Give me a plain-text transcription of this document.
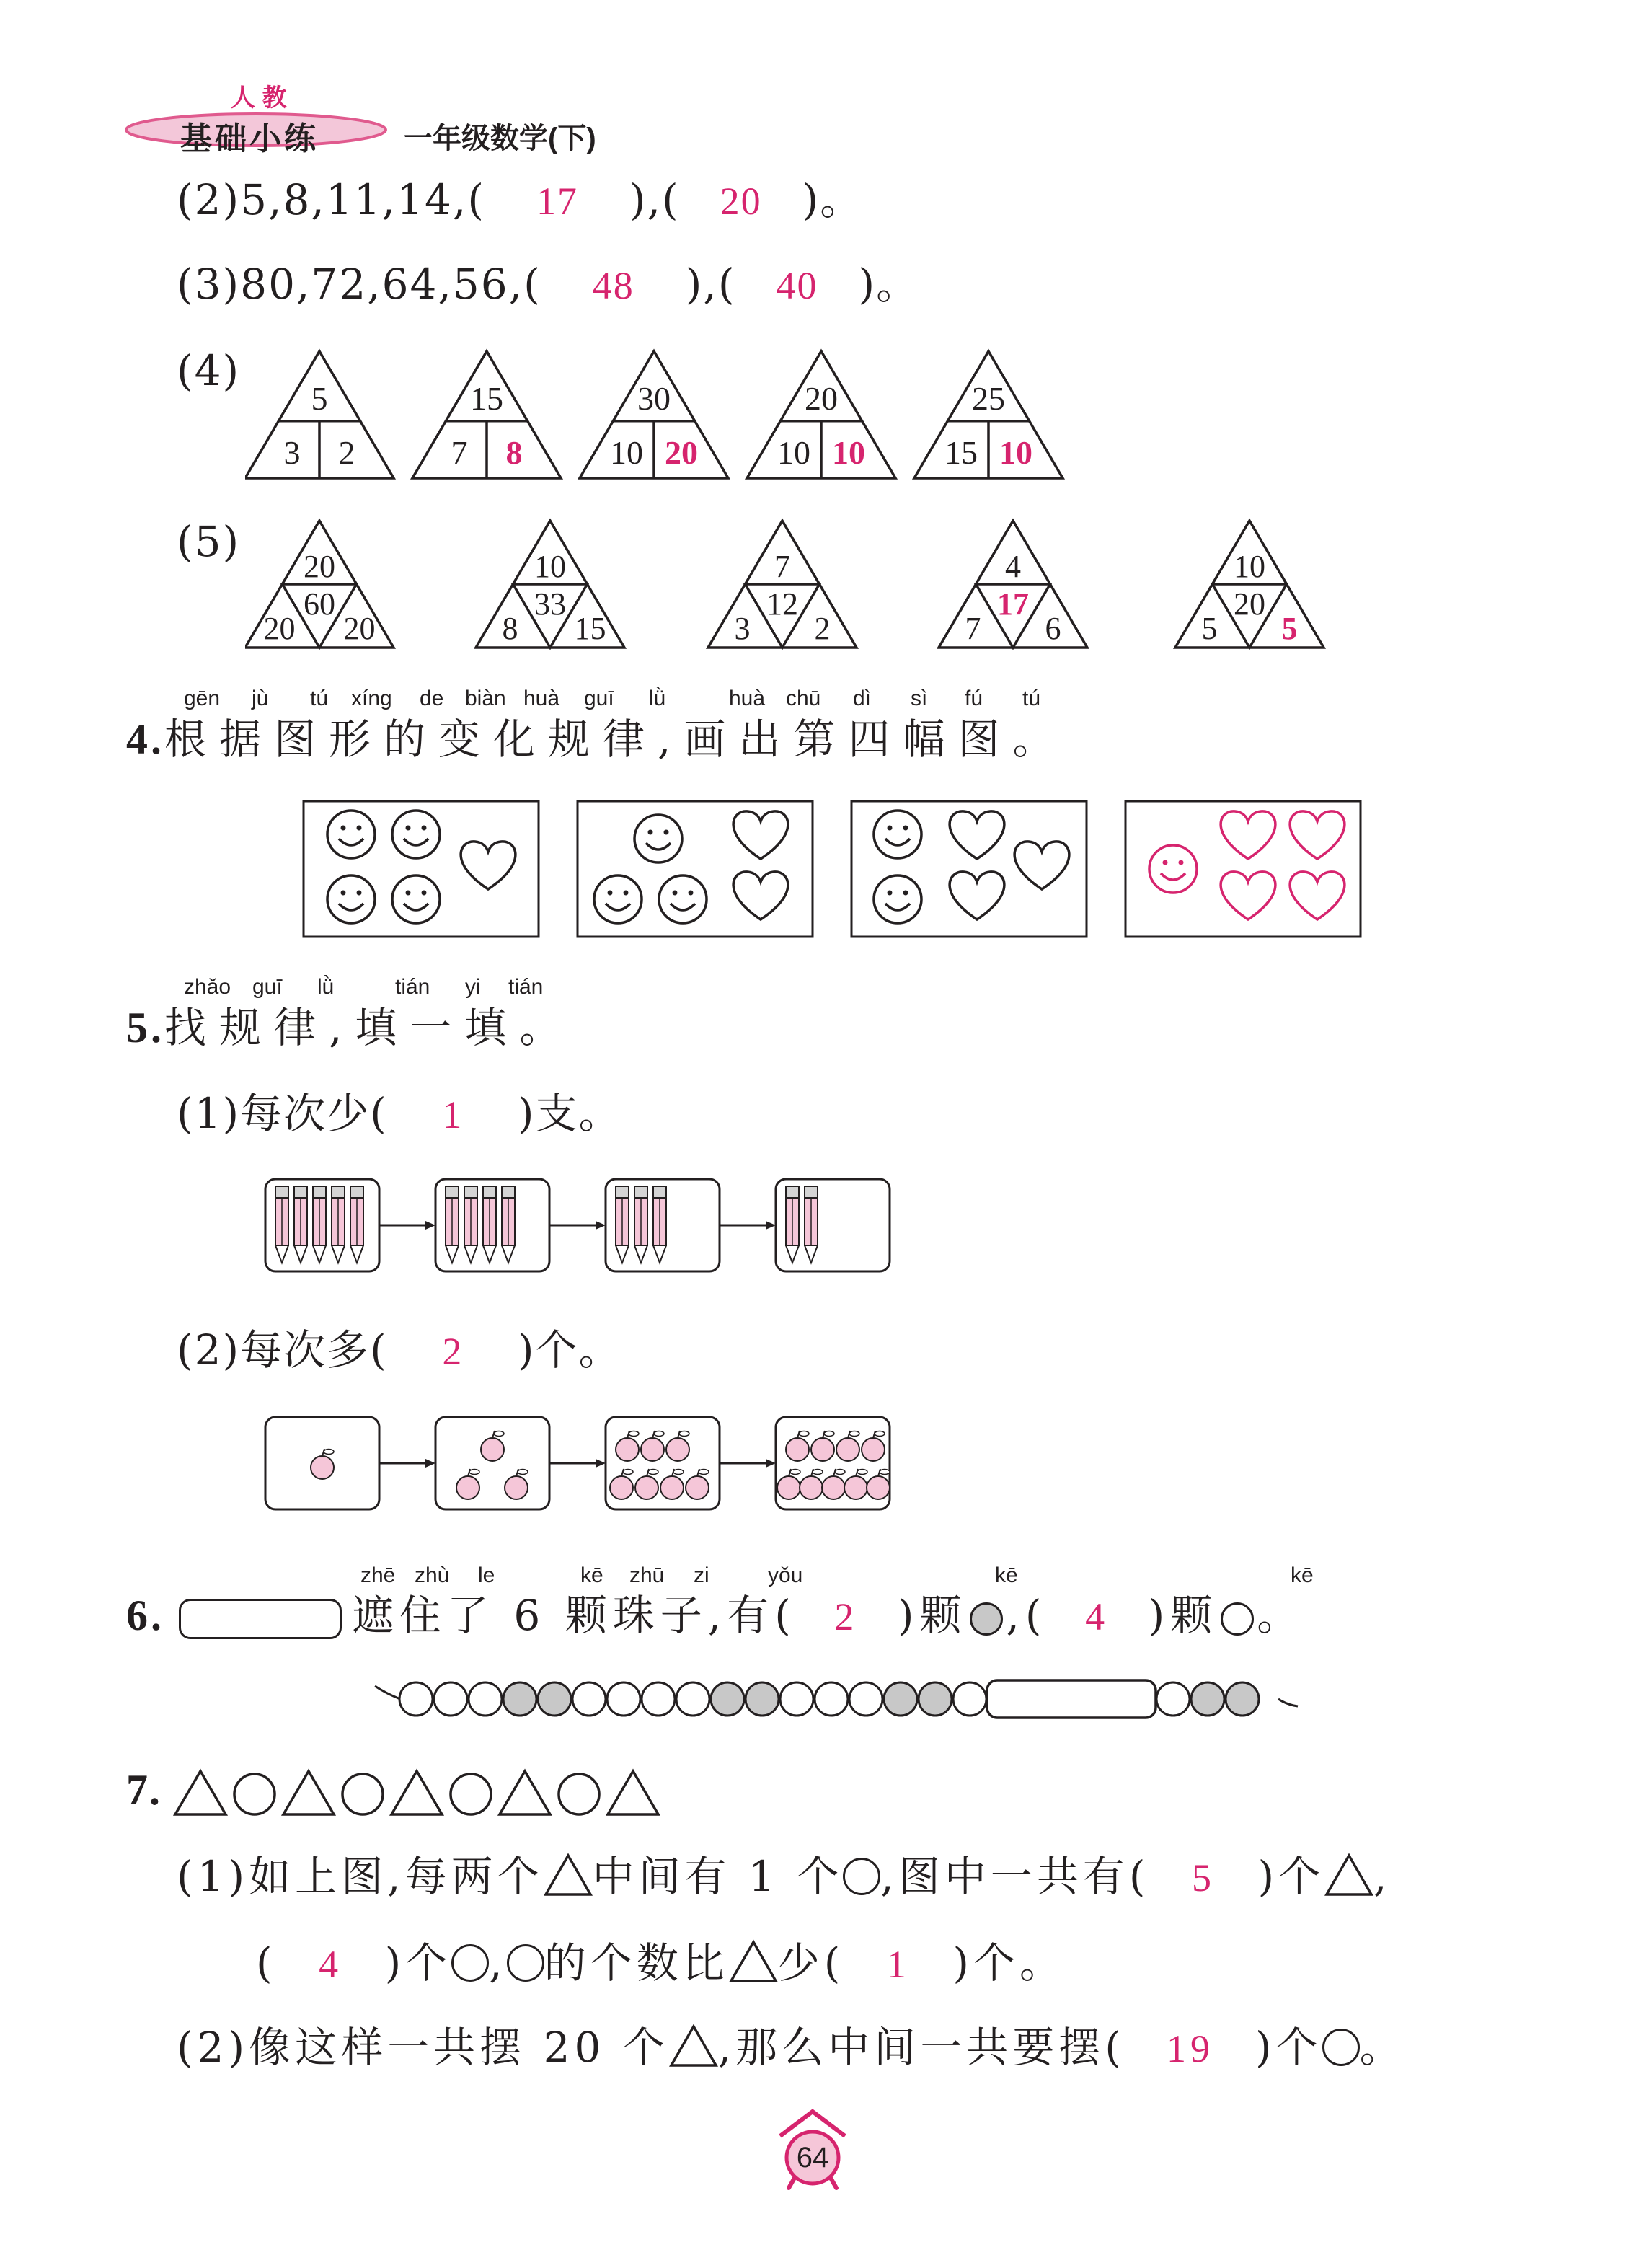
人 教
基础小练	一年级数学(下)
(2)5,8,11,14,( 17 ),( 20 )。
(3)80,72,64,56,( 48 ),( 40 )。
(4)
5
3 2
15
7 8
30
10 20
20
10 10
25
15 10
(5)
20
60
20 20
10
33
8 15
7
12
3 2
4
17
7 6
10
20
5 5
gēn jù tú xíng de biàn huà guī lǜ	huà chū dì sì fú tú
4.根据图形的变化规律,画出第四幅图。
zhǎo guī lǜ	tián yi tián
5.找规律,填一填。
(1)每次少( 1 )支。
(2)每次多( 2 )个。
zhē zhù le	kē zhū zi	yǒu	kē	kē
6.	遮住了 6 颗珠子,有( 2 )颗 ,( 4 )颗 。
7.
(1)如上图,每两个 中间有 1 个 ,图中一共有( 5 )个 ,
( 4 )个 , 的个数比 少( 1 )个。
(2)像这样一共摆 20 个 ,那么中间一共要摆( 19 )个 。
64
